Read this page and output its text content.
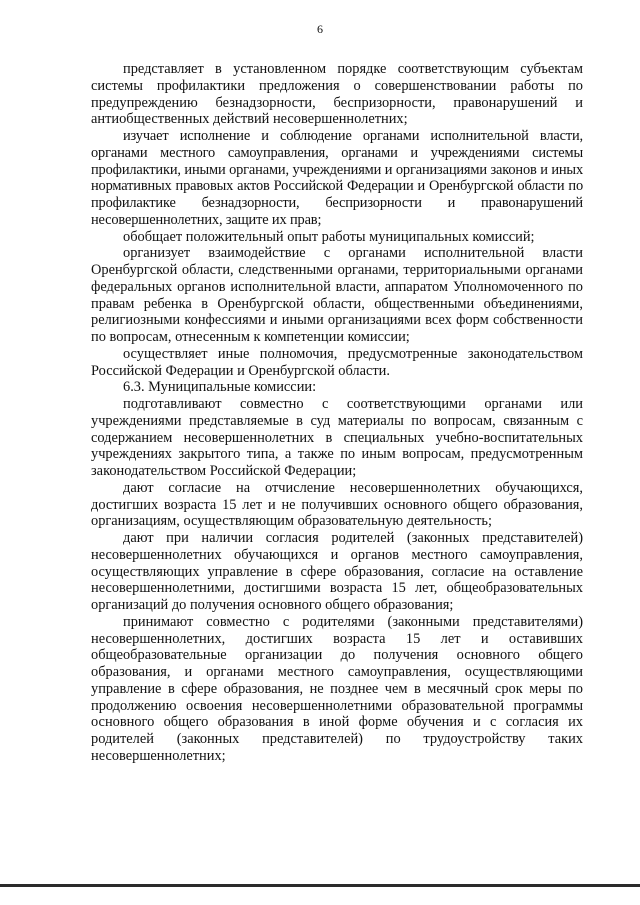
6

представляет в установленном порядке соответствующим субъектам системы профилактики предложения о совершенствовании работы по предупреждению безнадзорности, беспризорности, правонарушений и антиобщественных действий несовершеннолетних;

изучает исполнение и соблюдение органами исполнительной власти, органами местного самоуправления, органами и учреждениями системы профилактики, иными органами, учреждениями и организациями законов и иных нормативных правовых актов Российской Федерации и Оренбургской области по профилактике безнадзорности, беспризорности и правонарушений несовершеннолетних, защите их прав;

обобщает положительный опыт работы муниципальных комиссий;

организует взаимодействие с органами исполнительной власти Оренбургской области, следственными органами, территориальными органами федеральных органов исполнительной власти, аппаратом Уполномоченного по правам ребенка в Оренбургской области, общественными объединениями, религиозными конфессиями и иными организациями всех форм собственности по вопросам, отнесенным к компетенции комиссии;

осуществляет иные полномочия, предусмотренные законодательством Российской Федерации и Оренбургской области.

6.3. Муниципальные комиссии:

подготавливают совместно с соответствующими органами или учреждениями представляемые в суд материалы по вопросам, связанным с содержанием несовершеннолетних в специальных учебно-воспитательных учреждениях закрытого типа, а также по иным вопросам, предусмотренным законодательством Российской Федерации;

дают согласие на отчисление несовершеннолетних обучающихся, достигших возраста 15 лет и не получивших основного общего образования, организациям, осуществляющим образовательную деятельность;

дают при наличии согласия родителей (законных представителей) несовершеннолетних обучающихся и органов местного самоуправления, осуществляющих управление в сфере образования, согласие на оставление несовершеннолетними, достигшими возраста 15 лет, общеобразовательных организаций до получения основного общего образования;

принимают совместно с родителями (законными представителями) несовершеннолетних, достигших возраста 15 лет и оставивших общеобразовательные организации до получения основного общего образования, и органами местного самоуправления, осуществляющими управление в сфере образования, не позднее чем в месячный срок меры по продолжению освоения несовершеннолетними образовательной программы основного общего образования в иной форме обучения и с согласия их родителей (законных представителей) по трудоустройству таких несовершеннолетних;
